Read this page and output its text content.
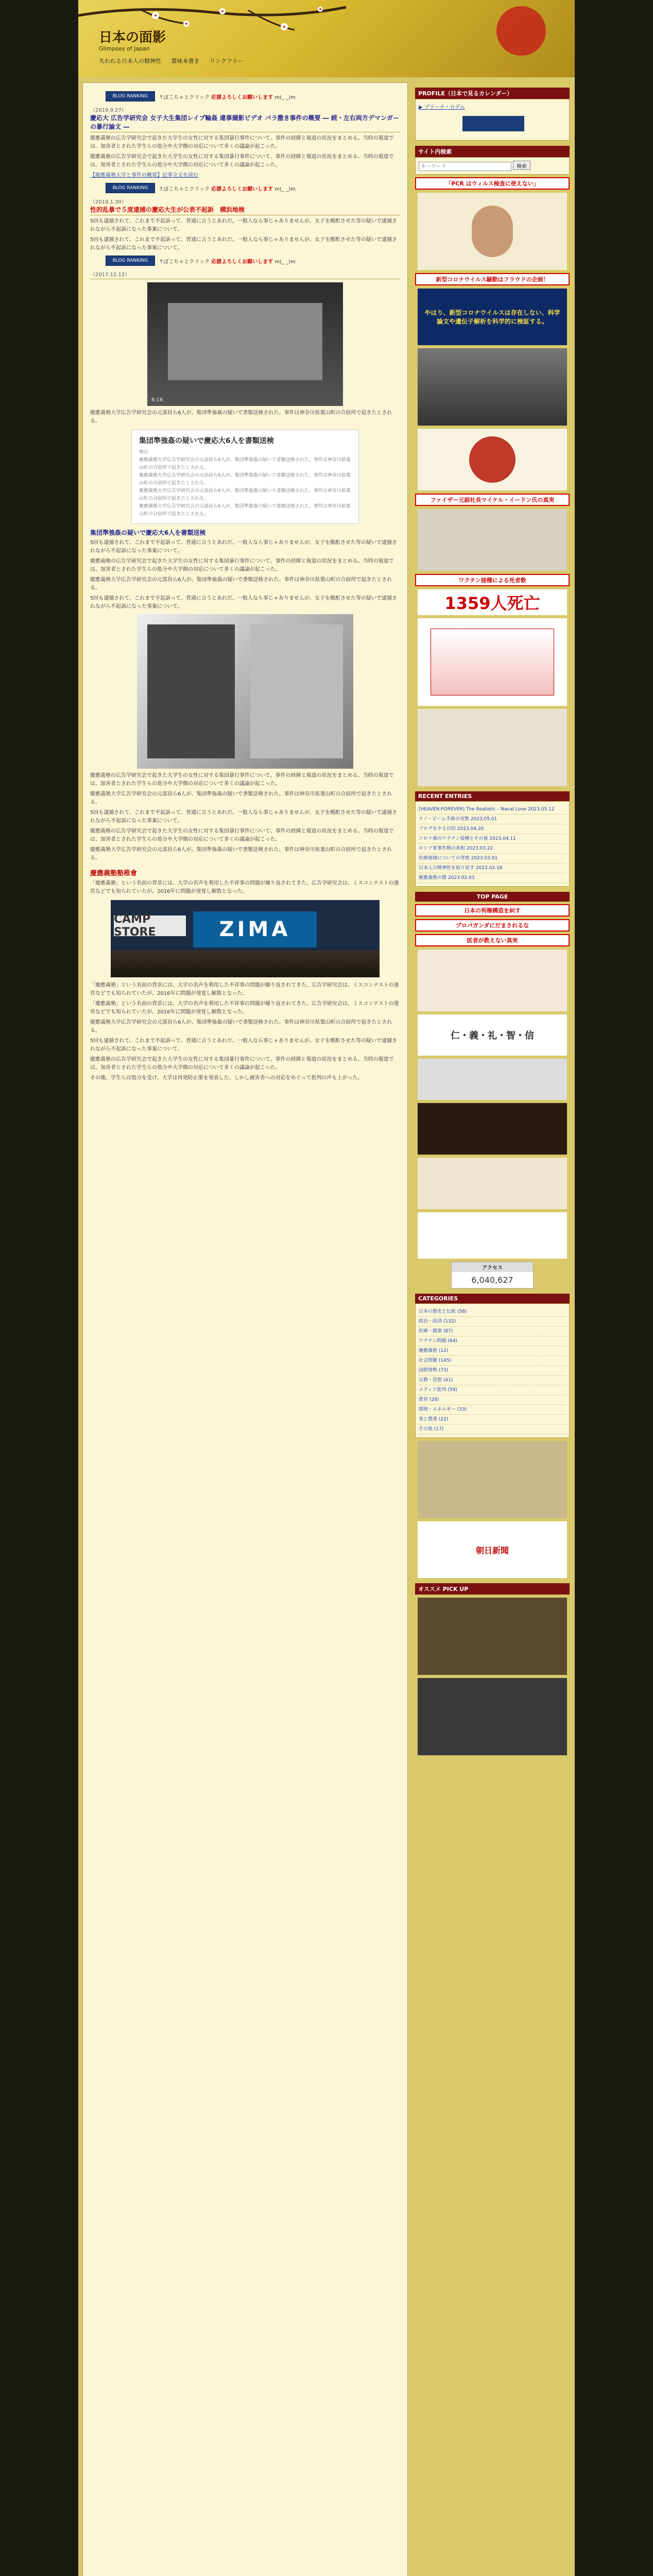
日本の面影
Glimpses of Japan
失われる日本人の精神性 賞味本書き リンクフリー
BLOG RANKING	↑ぽこちゃとクリック 応援よろしくお願いします m(_ _)m
（2019.9.27）
慶応大 広告学研究会 女子大生集団レイプ輪姦 違事撮影ビデオ バラ撒き事件の概要 ― 続・左右両方デマンガーの暴行論文 ―
慶應義塾の広告学研究会で起きた大学生の女性に対する集団暴行事件について、事件の経緯と報道の状況をまとめる。当時の報道では、加害者とされた学生らの処分や大学側の対応について多くの議論が起こった。
慶應義塾の広告学研究会で起きた大学生の女性に対する集団暴行事件について、事件の経緯と報道の状況をまとめる。当時の報道では、加害者とされた学生らの処分や大学側の対応について多くの議論が起こった。
【慶應義塾大学と事件の概要】記事全文を読む
BLOG RANKING	↑ぽこちゃとクリック 応援よろしくお願いします m(_ _)m
（2019.1.30）
性的乱暴で５度逮捕の慶応大生が公表不起訴　横浜地検
5回も逮捕されて、これまで不起訴って、普通に言うとあれだ。一般人なら事じゃありませんが、女子を酩酊させた等の疑いで逮捕されながら不起訴になった事案について。
5回も逮捕されて、これまで不起訴って、普通に言うとあれだ。一般人なら事じゃありませんが、女子を酩酊させた等の疑いで逮捕されながら不起訴になった事案について。
BLOG RANKING	↑ぽこちゃとクリック 応援よろしくお願いします m(_ _)m
（2017.12.12）
6:16
慶應義塾大学広告学研究会の元部員ら6人が、集団準強姦の疑いで書類送検された。事件は神奈川県葉山町の合宿所で起きたとされる。
集団準強姦の疑いで慶応大6人を書類送検
朝日
慶應義塾大学広告学研究会の元部員ら6人が、集団準強姦の疑いで書類送検された。事件は神奈川県葉山町の合宿所で起きたとされる。
慶應義塾大学広告学研究会の元部員ら6人が、集団準強姦の疑いで書類送検された。事件は神奈川県葉山町の合宿所で起きたとされる。
慶應義塾大学広告学研究会の元部員ら6人が、集団準強姦の疑いで書類送検された。事件は神奈川県葉山町の合宿所で起きたとされる。
慶應義塾大学広告学研究会の元部員ら6人が、集団準強姦の疑いで書類送検された。事件は神奈川県葉山町の合宿所で起きたとされる。
集団準強姦の疑いで慶応大6人を書類送検
5回も逮捕されて、これまで不起訴って、普通に言うとあれだ。一般人なら事じゃありませんが、女子を酩酊させた等の疑いで逮捕されながら不起訴になった事案について。
慶應義塾の広告学研究会で起きた大学生の女性に対する集団暴行事件について、事件の経緯と報道の状況をまとめる。当時の報道では、加害者とされた学生らの処分や大学側の対応について多くの議論が起こった。
慶應義塾大学広告学研究会の元部員ら6人が、集団準強姦の疑いで書類送検された。事件は神奈川県葉山町の合宿所で起きたとされる。
5回も逮捕されて、これまで不起訴って、普通に言うとあれだ。一般人なら事じゃありませんが、女子を酩酊させた等の疑いで逮捕されながら不起訴になった事案について。
慶應義塾の広告学研究会で起きた大学生の女性に対する集団暴行事件について、事件の経緯と報道の状況をまとめる。当時の報道では、加害者とされた学生らの処分や大学側の対応について多くの議論が起こった。
慶應義塾大学広告学研究会の元部員ら6人が、集団準強姦の疑いで書類送検された。事件は神奈川県葉山町の合宿所で起きたとされる。
5回も逮捕されて、これまで不起訴って、普通に言うとあれだ。一般人なら事じゃありませんが、女子を酩酊させた等の疑いで逮捕されながら不起訴になった事案について。
慶應義塾の広告学研究会で起きた大学生の女性に対する集団暴行事件について、事件の経緯と報道の状況をまとめる。当時の報道では、加害者とされた学生らの処分や大学側の対応について多くの議論が起こった。
慶應義塾大学広告学研究会の元部員ら6人が、集団準強姦の疑いで書類送検された。事件は神奈川県葉山町の合宿所で起きたとされる。
慶應義塾塾稚會
「慶應義塾」という名前の背景には、大学の名声を利用した不祥事の問題が繰り返されてきた。広告学研究会は、ミスコンテストの運営などでも知られていたが、2016年に問題が発覚し解散となった。
CAMP STORE	ZIMA
「慶應義塾」という名前の背景には、大学の名声を利用した不祥事の問題が繰り返されてきた。広告学研究会は、ミスコンテストの運営などでも知られていたが、2016年に問題が発覚し解散となった。
「慶應義塾」という名前の背景には、大学の名声を利用した不祥事の問題が繰り返されてきた。広告学研究会は、ミスコンテストの運営などでも知られていたが、2016年に問題が発覚し解散となった。
慶應義塾大学広告学研究会の元部員ら6人が、集団準強姦の疑いで書類送検された。事件は神奈川県葉山町の合宿所で起きたとされる。
5回も逮捕されて、これまで不起訴って、普通に言うとあれだ。一般人なら事じゃありませんが、女子を酩酊させた等の疑いで逮捕されながら不起訴になった事案について。
慶應義塾の広告学研究会で起きた大学生の女性に対する集団暴行事件について、事件の経緯と報道の状況をまとめる。当時の報道では、加害者とされた学生らの処分や大学側の対応について多くの議論が起こった。
その後、学生らは処分を受け、大学は再発防止策を発表した。しかし被害者への対応をめぐって批判の声も上がった。
PROFILE（日本で見るカレンダー）
▶ ブリーナ・ロデム
サイト内検索
キーワード 検索
「PCR はウィルス検査に使えない」
新型コロナウイルス騒動はフラウドの企画！
やはり、新型コロナウイルスは存在しない、科学論文や遺伝子解析を科学的に検証する。
ファイザー元副社長マイケル・イードン氏の真実
ワクチン接種による死者数
1359人死亡
RECENT ENTRIES
[HEAVEN-FOREVER] The Realistic – Naval Love 2023.05.12
ナノ・ビーム手術の実態 2023.05.01
ブログをやる目的 2023.04.20
コロナ禍のワクチン接種とその後 2023.04.11
ロシア軍事作戦の真相 2023.03.22
医療崩壊についての考察 2023.03.01
日本人の精神性を取り戻す 2023.02.18
慶應義塾の闇 2023.02.03
TOP PAGE
日本の利権構造を糾す
プロパガンダにだまされるな
医者が教えない真実
仁・義・礼・智・信
アクセス
6,040,627
CATEGORIES
日本の歴史と伝統 (58)
政治・経済 (132)
医療・健康 (87)
ワクチン問題 (64)
慶應義塾 (12)
社会問題 (145)
国際情勢 (73)
宗教・思想 (41)
メディア批判 (59)
教育 (28)
環境・エネルギー (33)
食と農業 (22)
その他 (17)
朝日新聞
オススメ PICK UP
